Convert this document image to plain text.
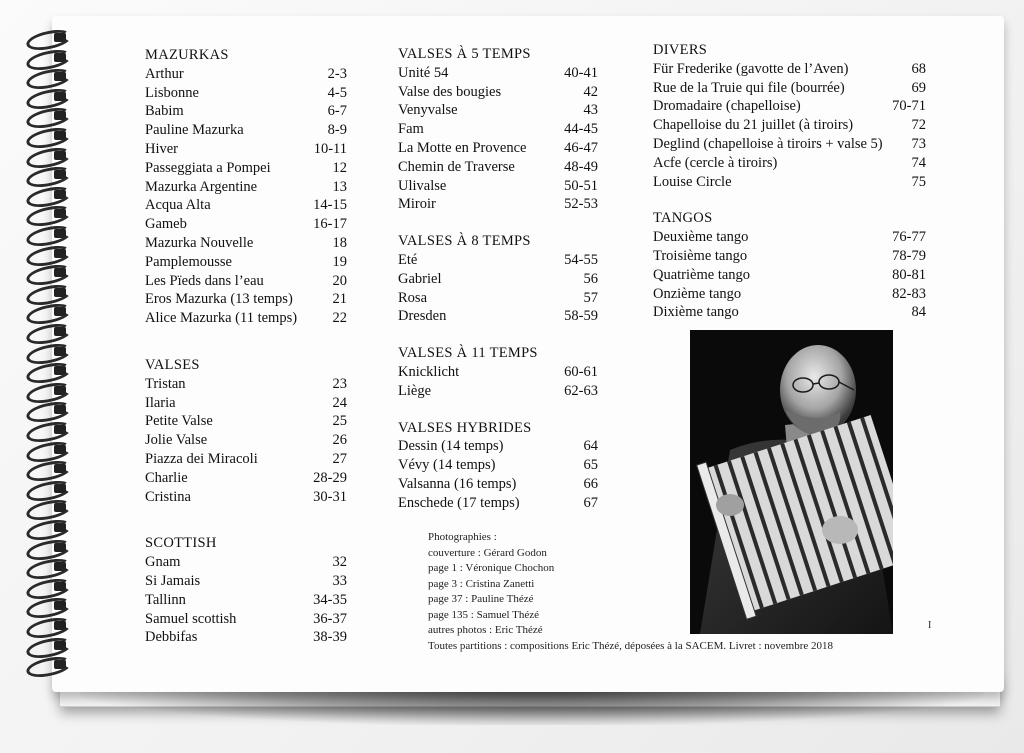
MAZURKAS
Arthur	2-3
Lisbonne	4-5
Babim	6-7
Pauline Mazurka	8-9
Hiver	10-11
Passeggiata a Pompei	12
Mazurka Argentine	13
Acqua Alta	14-15
Gameb	16-17
Mazurka Nouvelle	18
Pamplemousse	19
Les Pïeds dans l’eau	20
Eros Mazurka (13 temps)	21
Alice Mazurka (11 temps) 22
VALSES
Tristan	23
Ilaria	24
Petite Valse	25
Jolie Valse	26
Piazza dei Miracoli	27
Charlie	28-29
Cristina	30-31
SCOTTISH
Gnam	32
Si Jamais	33
Tallinn	34-35
Samuel scottish	36-37
Debbifas	38-39
VALSES À 5 TEMPS
Unité 54	40-41
Valse des bougies	42
Venyvalse	43
Fam	44-45
La Motte en Provence	46-47
Chemin de Traverse	48-49
Ulivalse	50-51
Miroir	52-53
VALSES À 8 TEMPS
Eté	54-55
Gabriel	56
Rosa	57
Dresden	58-59
VALSES À 11 TEMPS
Knicklicht	60-61
Liège	62-63
VALSES HYBRIDES
Dessin (14 temps)	64
Vévy (14 temps)	65
Valsanna (16 temps)	66
Enschede (17 temps)	67
DIVERS
Für Frederike (gavotte de l’Aven)	68
Rue de la Truie qui file (bourrée)	69
Dromadaire (chapelloise)	70-71
Chapelloise du 21 juillet (à tiroirs)	72
Deglind (chapelloise à tiroirs + valse 5) 73
Acfe (cercle à tiroirs)	74
Louise Circle	75
TANGOS
Deuxième tango	76-77
Troisième tango	78-79
Quatrième tango	80-81
Onzième tango	82-83
Dixième tango	84
Photographies :
couverture : Gérard Godon
page 1 : Véronique Chochon
page 3 : Cristina Zanetti
page 37 : Pauline Thézé
page 135 : Samuel Thézé
autres photos : Eric Thézé
Toutes partitions : compositions Eric Thézé, déposées à la SACEM. Livret : novembre 2018
I
